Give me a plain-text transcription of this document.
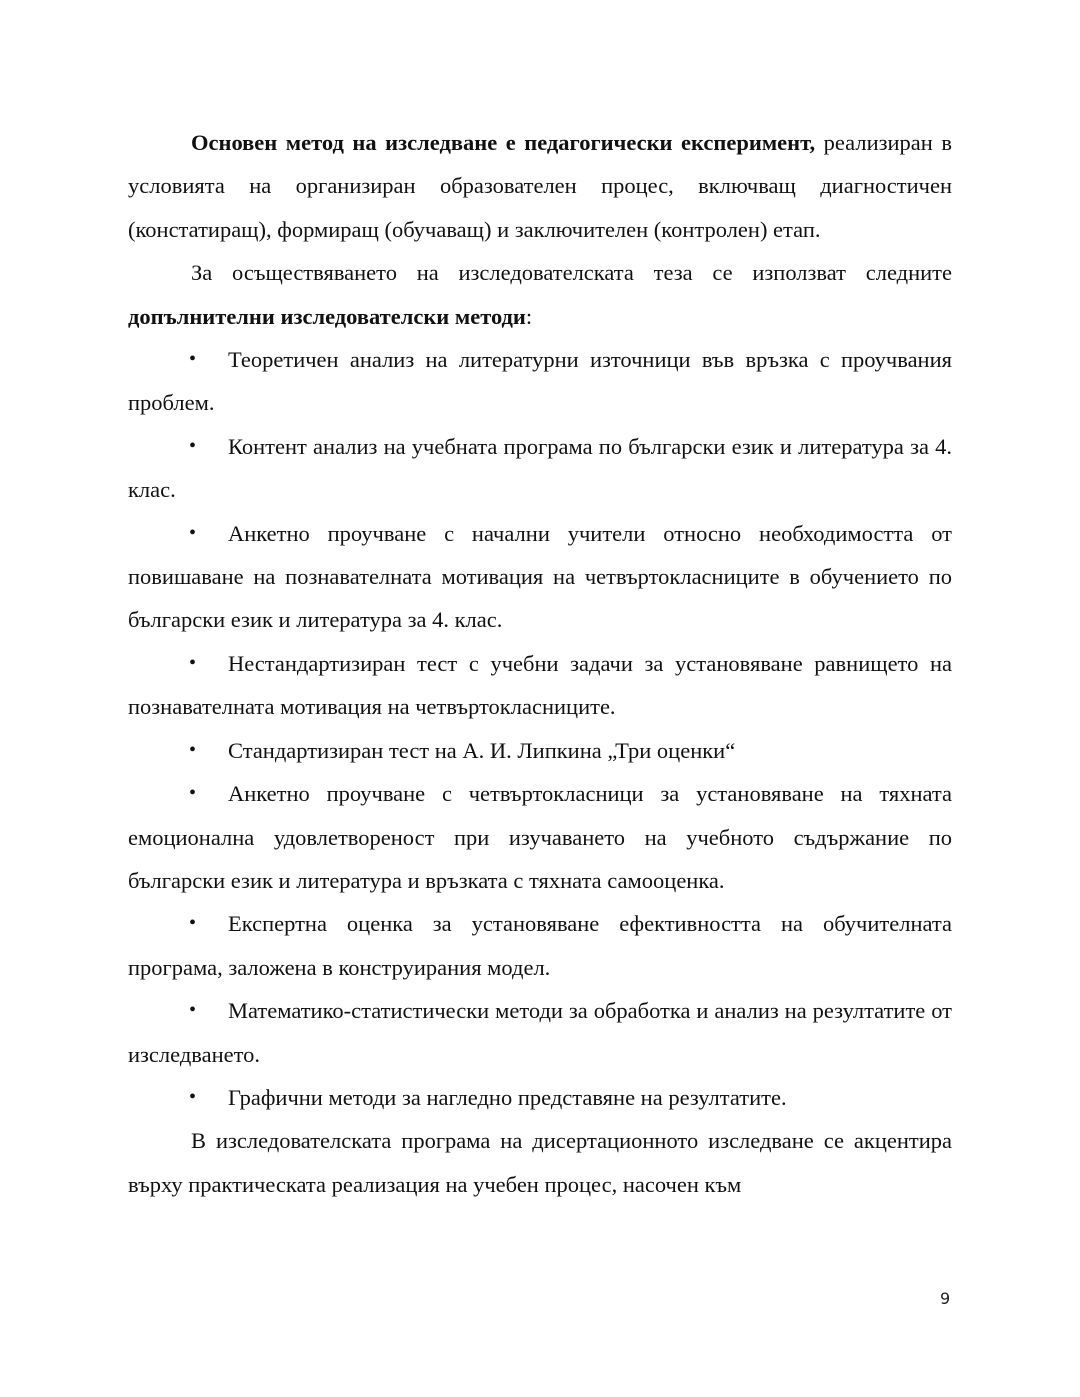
Основен метод на изследване е педагогически експеримент, реализиран в условията на организиран образователен процес, включващ диагностичен (констатиращ), формиращ (обучаващ) и заключителен (контролен) етап.

За осъществяването на изследователската теза се използват следните допълнителни изследователски методи:

• Теоретичен анализ на литературни източници във връзка с проучвания проблем.

• Контент анализ на учебната програма по български език и литература за 4. клас.

• Анкетно проучване с начални учители относно необходимостта от повишаване на познавателната мотивация на четвъртокласниците в обучението по български език и литература за 4. клас.

• Нестандартизиран тест с учебни задачи за установяване равнището на познавателната мотивация на четвъртокласниците.

• Стандартизиран тест на А. И. Липкина „Три оценки“

• Анкетно проучване с четвъртокласници за установяване на тяхната емоционална удовлетвореност при изучаването на учебното съдържание по български език и литература и връзката с тяхната самооценка.

• Експертна оценка за установяване ефективността на обучителната програма, заложена в конструирания модел.

• Математико-статистически методи за обработка и анализ на резултатите от изследването.

• Графични методи за нагледно представяне на резултатите.

В изследователската програма на дисертационното изследване се акцентира върху практическата реализация на учебен процес, насочен към

9
